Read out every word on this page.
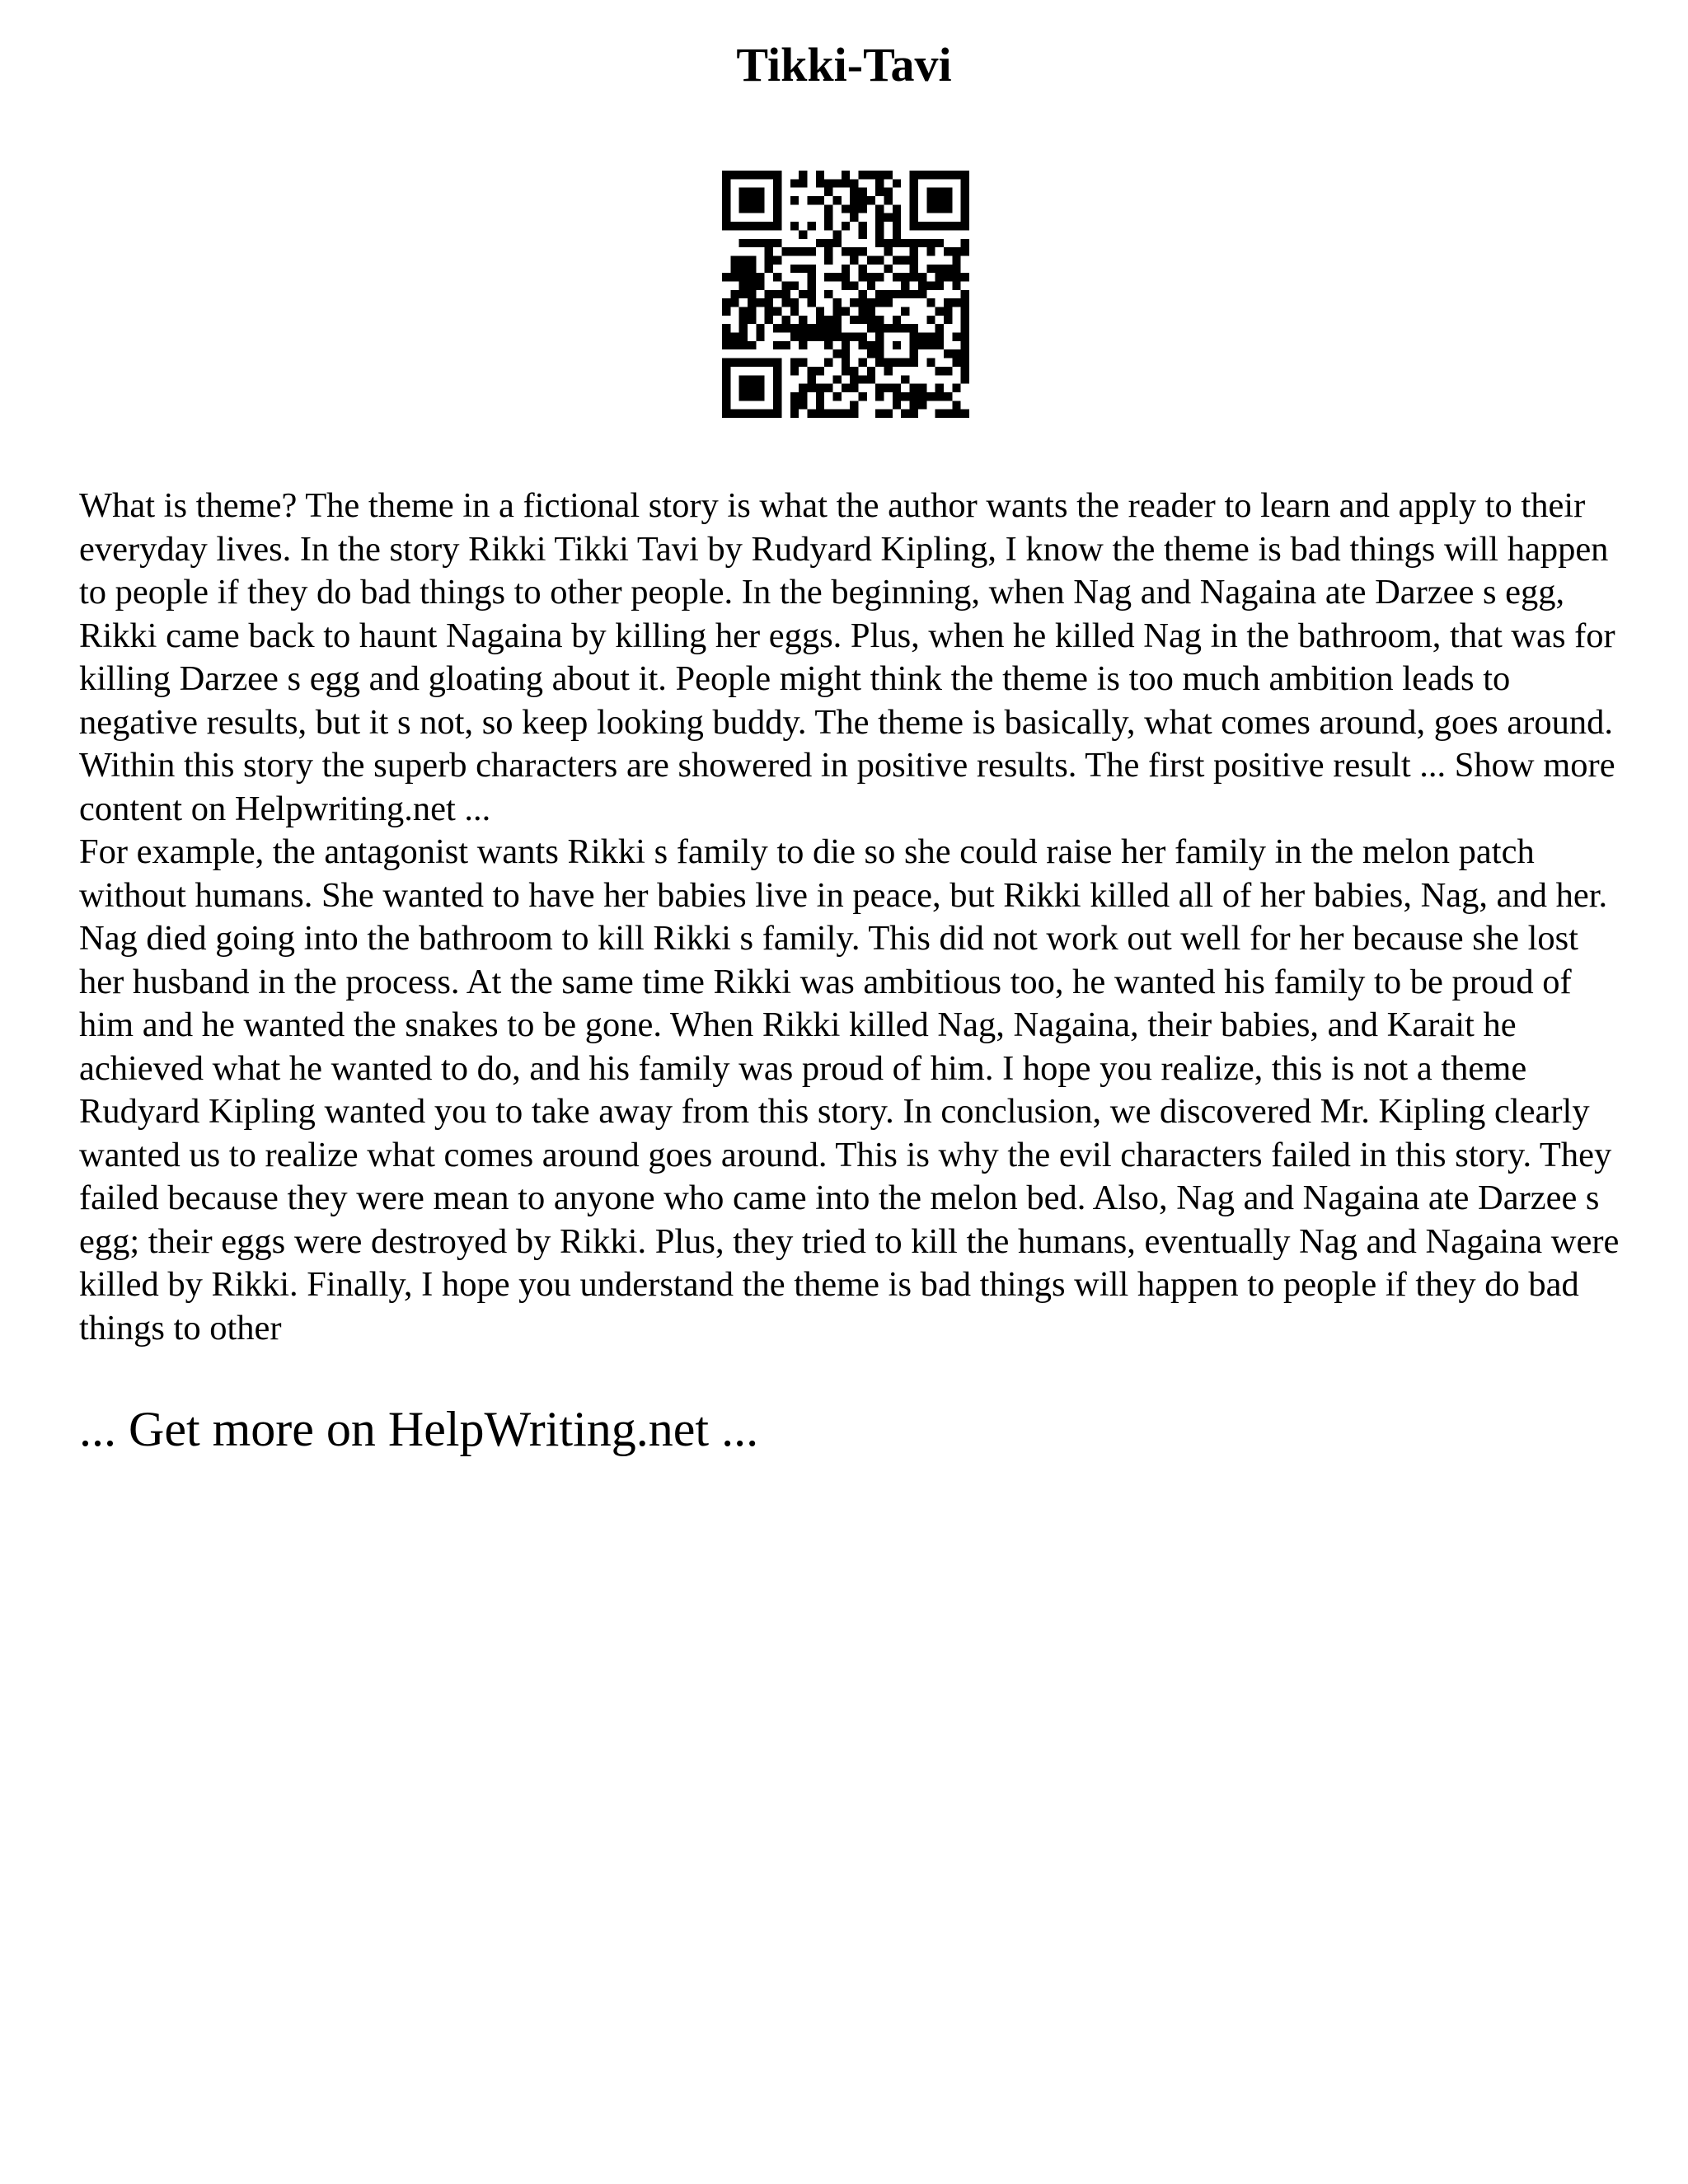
Tikki-Tavi

What is theme? The theme in a fictional story is what the author wants the reader to learn and apply to their everyday lives. In the story Rikki Tikki Tavi by Rudyard Kipling, I know the theme is bad things will happen to people if they do bad things to other people. In the beginning, when Nag and Nagaina ate Darzee s egg, Rikki came back to haunt Nagaina by killing her eggs. Plus, when he killed Nag in the bathroom, that was for killing Darzee s egg and gloating about it. People might think the theme is too much ambition leads to negative results, but it s not, so keep looking buddy. The theme is basically, what comes around, goes around. Within this story the superb characters are showered in positive results. The first positive result ... Show more content on Helpwriting.net ...

For example, the antagonist wants Rikki s family to die so she could raise her family in the melon patch without humans. She wanted to have her babies live in peace, but Rikki killed all of her babies, Nag, and her. Nag died going into the bathroom to kill Rikki s family. This did not work out well for her because she lost her husband in the process. At the same time Rikki was ambitious too, he wanted his family to be proud of him and he wanted the snakes to be gone. When Rikki killed Nag, Nagaina, their babies, and Karait he achieved what he wanted to do, and his family was proud of him. I hope you realize, this is not a theme Rudyard Kipling wanted you to take away from this story. In conclusion, we discovered Mr. Kipling clearly wanted us to realize what comes around goes around. This is why the evil characters failed in this story. They failed because they were mean to anyone who came into the melon bed. Also, Nag and Nagaina ate Darzee s egg; their eggs were destroyed by Rikki. Plus, they tried to kill the humans, eventually Nag and Nagaina were killed by Rikki. Finally, I hope you understand the theme is bad things will happen to people if they do bad things to other

... Get more on HelpWriting.net ...
